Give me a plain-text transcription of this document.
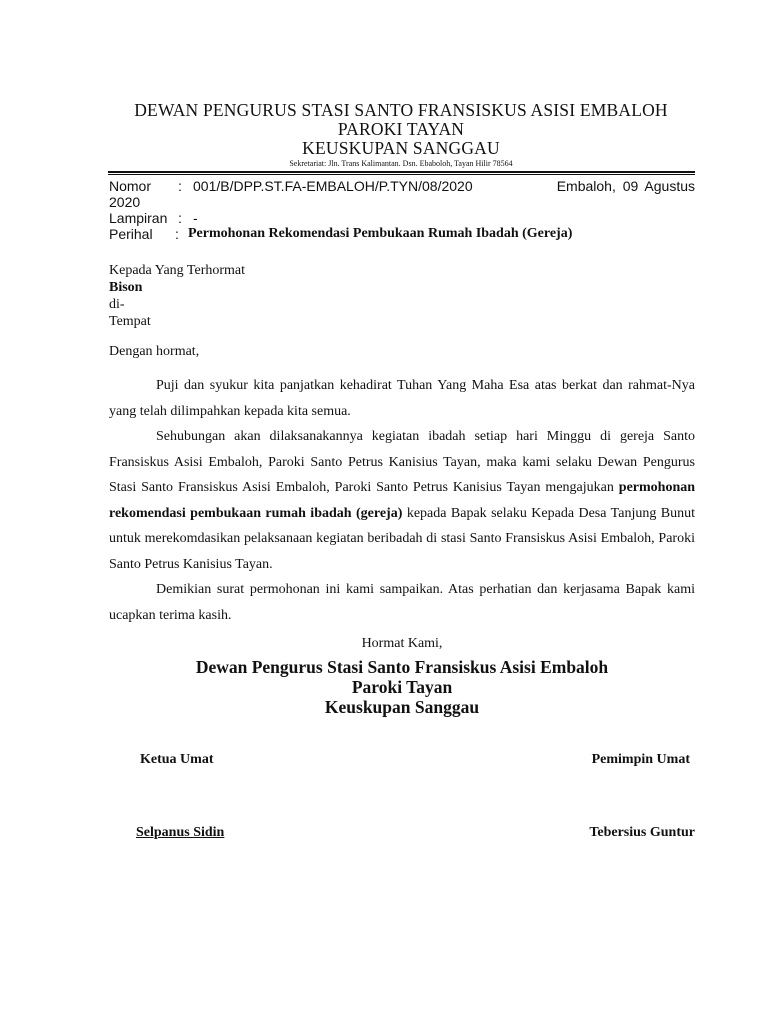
DEWAN PENGURUS STASI SANTO FRANSISKUS ASISI EMBALOH
PAROKI TAYAN
KEUSKUPAN SANGGAU
Sekretariat: Jln. Trans Kalimantan. Dsn. Ebaboloh, Tayan Hilir 78564
Nomor : 001/B/DPP.ST.FA-EMBALOH/P.TYN/08/2020	Embaloh, 09 Agustus
2020
Lampiran : -
Perihal : Permohonan Rekomendasi Pembukaan Rumah Ibadah (Gereja)
Kepada Yang Terhormat
Bison
di-
Tempat

Dengan hormat,

Puji dan syukur kita panjatkan kehadirat Tuhan Yang Maha Esa atas berkat dan rahmat-Nya yang telah dilimpahkan kepada kita semua.

Sehubungan akan dilaksanakannya kegiatan ibadah setiap hari Minggu di gereja Santo Fransiskus Asisi Embaloh, Paroki Santo Petrus Kanisius Tayan, maka kami selaku Dewan Pengurus Stasi Santo Fransiskus Asisi Embaloh, Paroki Santo Petrus Kanisius Tayan mengajukan permohonan rekomendasi pembukaan rumah ibadah (gereja) kepada Bapak selaku Kepada Desa Tanjung Bunut untuk merekomdasikan pelaksanaan kegiatan beribadah di stasi Santo Fransiskus Asisi Embaloh, Paroki Santo Petrus Kanisius Tayan.

Demikian surat permohonan ini kami sampaikan. Atas perhatian dan kerjasama Bapak kami ucapkan terima kasih.

Hormat Kami,
Dewan Pengurus Stasi Santo Fransiskus Asisi Embaloh
Paroki Tayan
Keuskupan Sanggau
Ketua Umat	Pemimpin Umat
Selpanus Sidin	Tebersius Guntur
